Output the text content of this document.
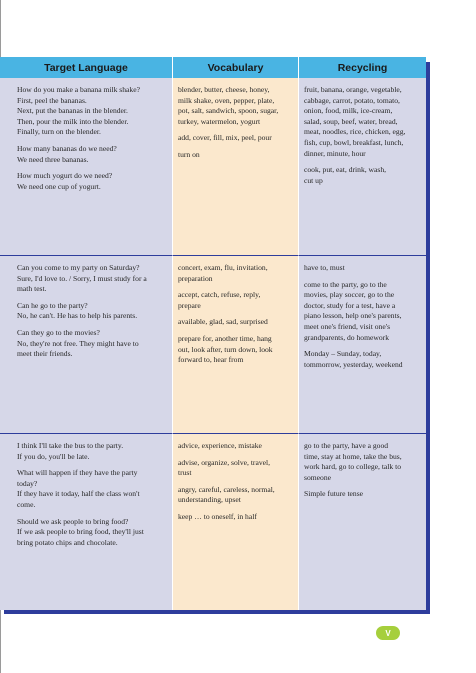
Target Language	Vocabulary	Recycling
How do you make a banana milk shake?
First, peel the bananas.
Next, put the bananas in the blender.
Then, pour the milk into the blender.
Finally, turn on the blender.
How many bananas do we need?
We need three bananas.
How much yogurt do we need?
We need one cup of yogurt.
blender, butter, cheese, honey,
milk shake, oven, pepper, plate,
pot, salt, sandwich, spoon, sugar,
turkey, watermelon, yogurt
add, cover, fill, mix, peel, pour
turn on
fruit, banana, orange, vegetable,
cabbage, carrot, potato, tomato,
onion, food, milk, ice-cream,
salad, soup, beef, water, bread,
meat, noodles, rice, chicken, egg,
fish, cup, bowl, breakfast, lunch,
dinner, minute, hour
cook, put, eat, drink, wash,
cut up
Can you come to my party on Saturday?
Sure, I'd love to. / Sorry, I must study for a
math test.
Can he go to the party?
No, he can't. He has to help his parents.
Can they go to the movies?
No, they're not free. They might have to
meet their friends.
concert, exam, flu, invitation,
preparation
accept, catch, refuse, reply,
prepare
available, glad, sad, surprised
prepare for, another time, hang
out, look after, turn down, look
forward to, hear from
have to, must
come to the party, go to the
movies, play soccer, go to the
doctor, study for a test, have a
piano lesson, help one's parents,
meet one's friend, visit one's
grandparents, do homework
Monday – Sunday, today,
tommorrow, yesterday, weekend
I think I'll take the bus to the party.
If you do, you'll be late.
What will happen if they have the party
today?
If they have it today, half the class won't
come.
Should we ask people to bring food?
If we ask people to bring food, they'll just
bring potato chips and chocolate.
advice, experience, mistake
advise, organize, solve, travel,
trust
angry, careful, careless, normal,
understanding, upset
keep … to oneself, in half
go to the party, have a good
time, stay at home, take the bus,
work hard, go to college, talk to
someone
Simple future tense
V
